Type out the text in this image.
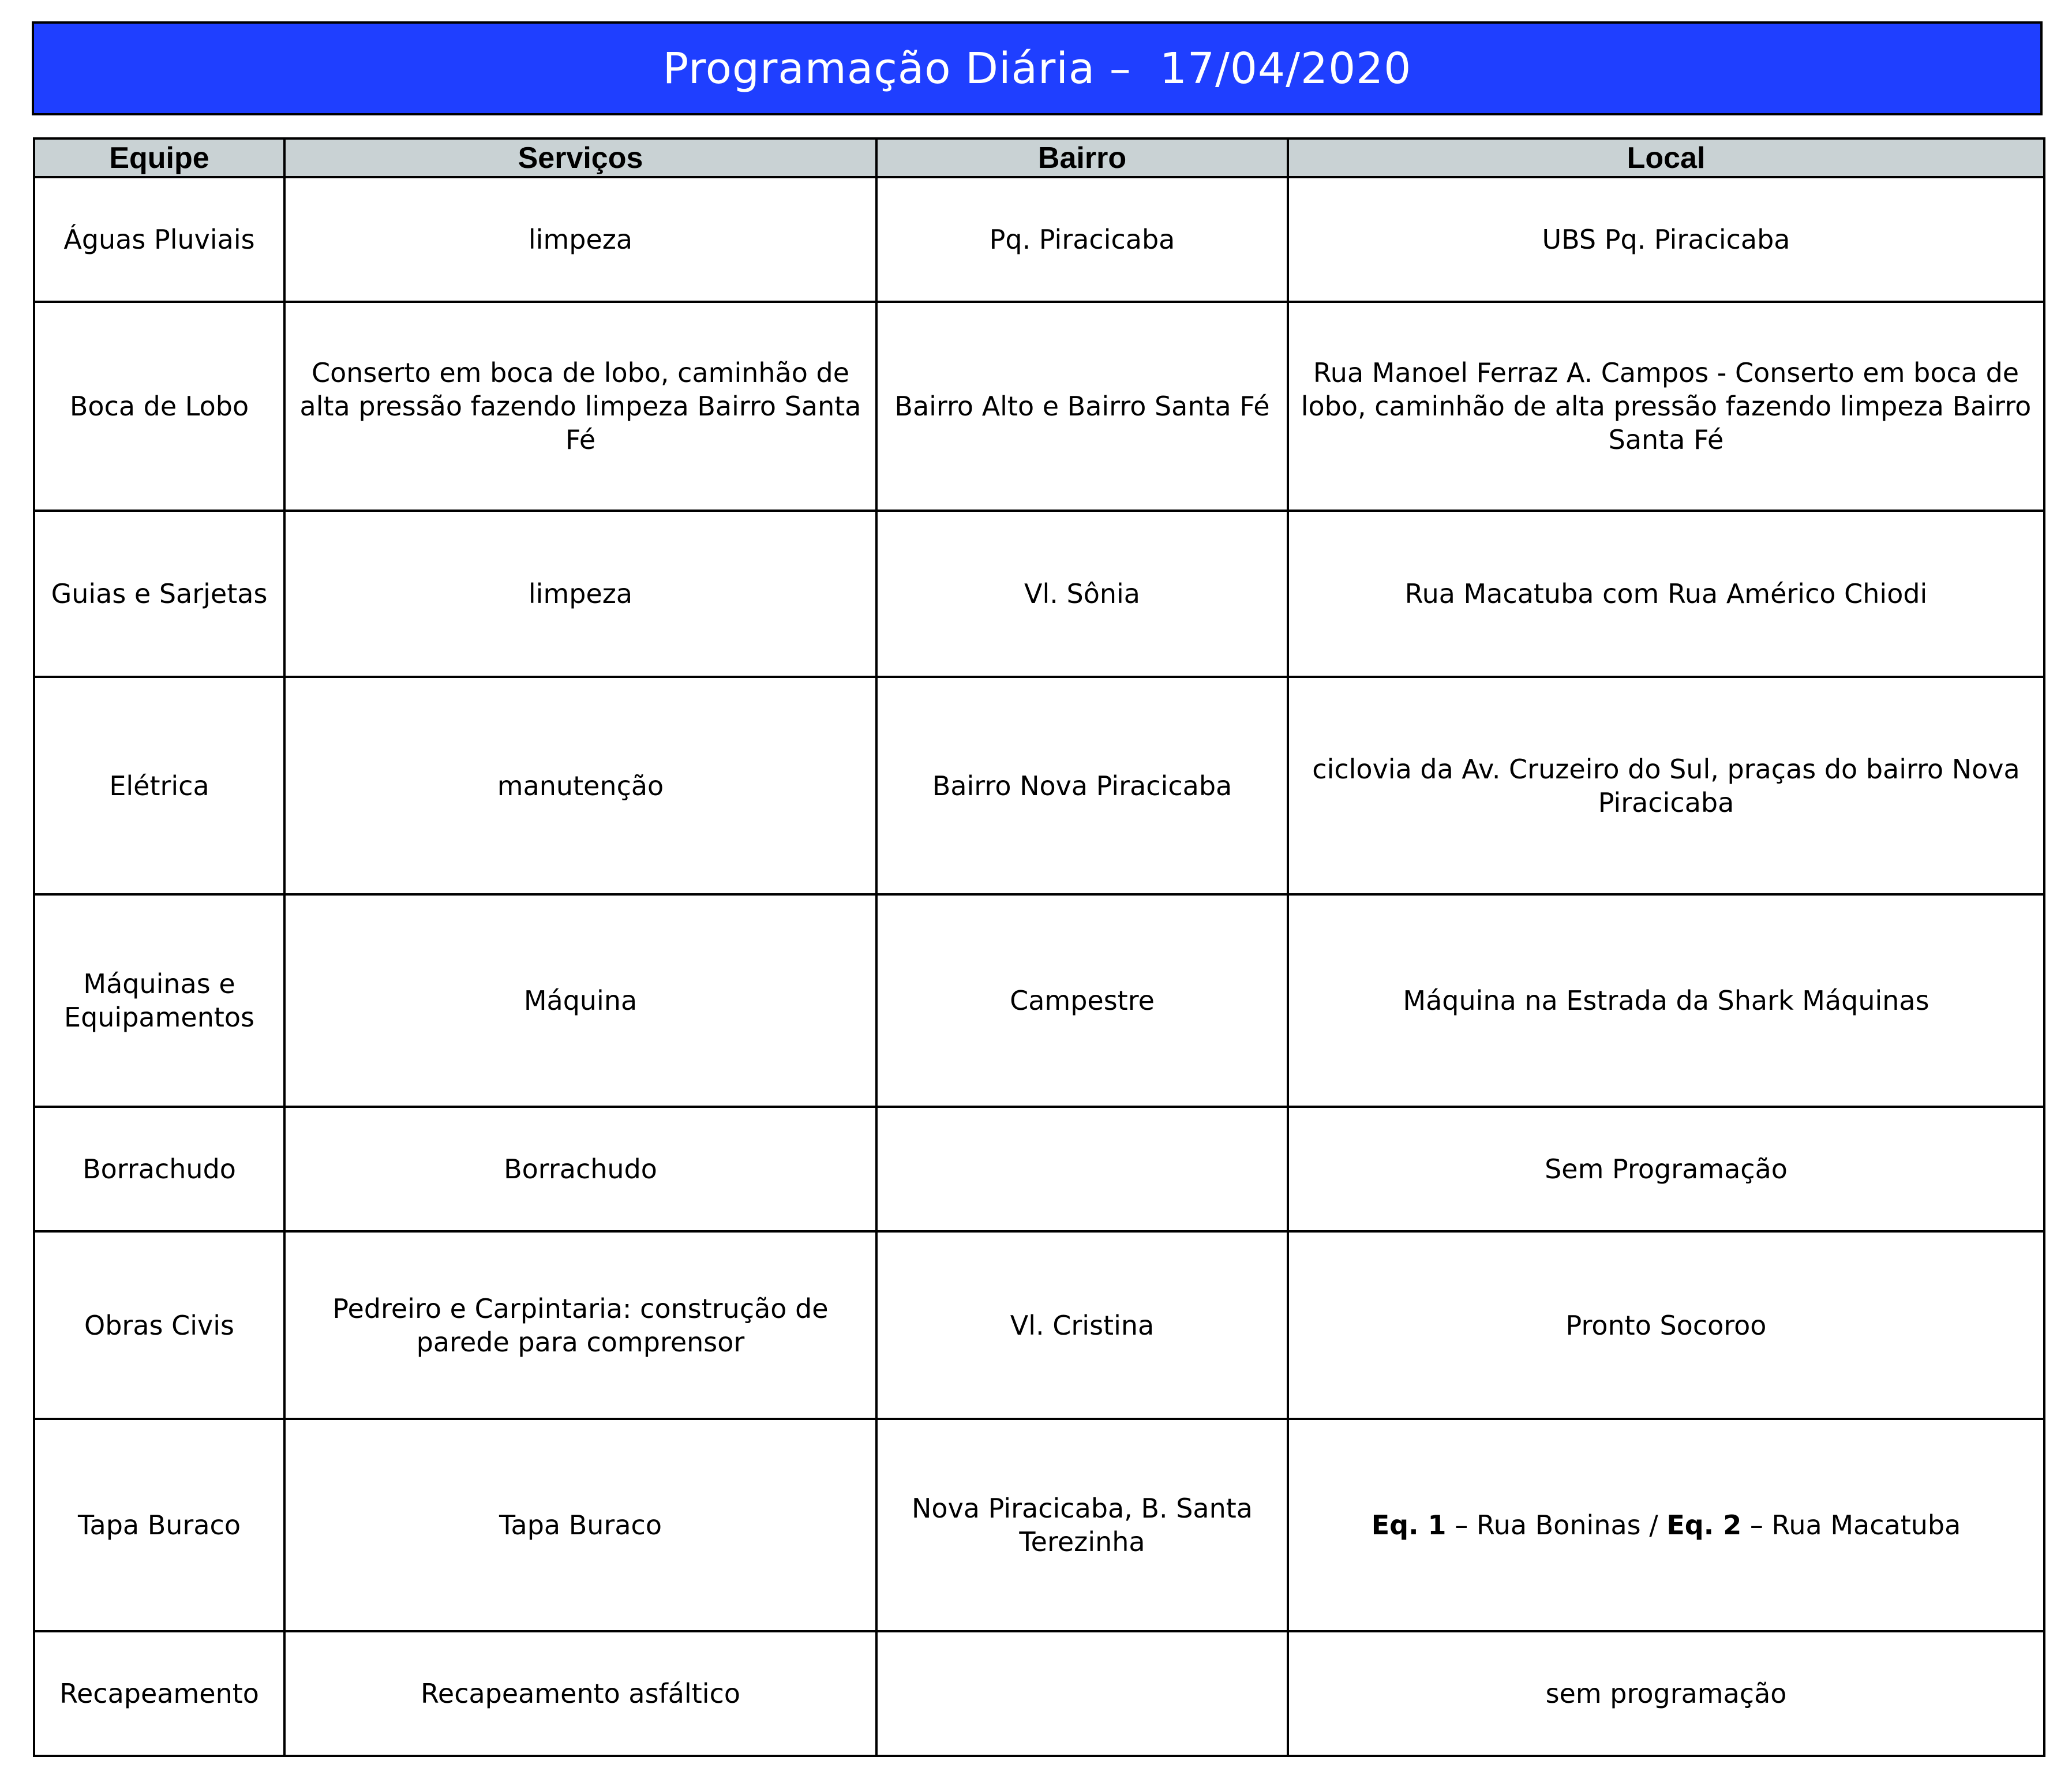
Programação Diária –  17/04/2020
Equipe	Serviços	Bairro	Local
Águas Pluviais	limpeza	Pq. Piracicaba	UBS Pq. Piracicaba
Boca de Lobo	Conserto em boca de lobo, caminhão de alta pressão fazendo limpeza Bairro Santa Fé	Bairro Alto e Bairro Santa Fé	Rua Manoel Ferraz A. Campos - Conserto em boca de lobo, caminhão de alta pressão fazendo limpeza Bairro Santa Fé
Guias e Sarjetas	limpeza	Vl. Sônia	Rua Macatuba com Rua Américo Chiodi
Elétrica	manutenção	Bairro Nova Piracicaba	ciclovia da Av. Cruzeiro do Sul, praças do bairro Nova Piracicaba
Máquinas e Equipamentos	Máquina	Campestre	Máquina na Estrada da Shark Máquinas
Borrachudo	Borrachudo		Sem Programação
Obras Civis	Pedreiro e Carpintaria: construção de parede para comprensor	Vl. Cristina	Pronto Socoroo
Tapa Buraco	Tapa Buraco	Nova Piracicaba, B. Santa Terezinha	Eq. 1 – Rua Boninas / Eq. 2 – Rua Macatuba
Recapeamento	Recapeamento asfáltico		sem programação
